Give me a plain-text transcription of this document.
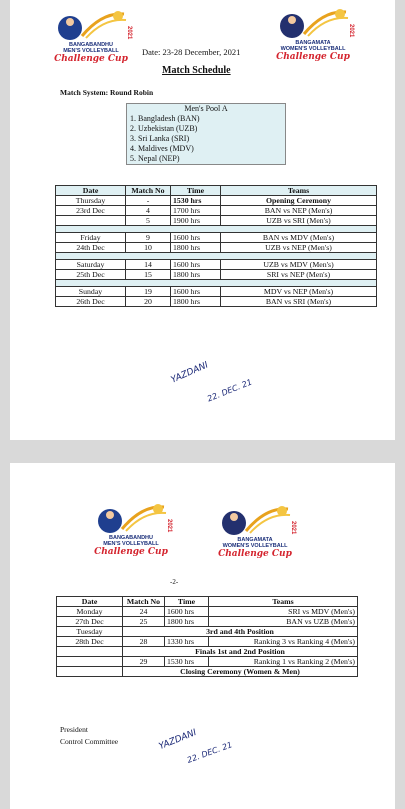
BANGABANDHU
MEN'S VOLLEYBALL
Challenge Cup
2021
Date: 23-28 December, 2021
BANGAMATA
WOMEN'S VOLLEYBALL
Challenge Cup
2021
Match Schedule
Match System: Round Robin
Men's Pool A
1. Bangladesh (BAN)
2. Uzbekistan (UZB)
3. Sri Lanka (SRI)
4. Maldives (MDV)
5. Nepal (NEP)
Date	Match No	Time	Teams
Thursday	-	1530 hrs	Opening Ceremony
23rd Dec	4	1700 hrs	BAN vs NEP (Men's)
	5	1900 hrs	UZB vs SRI (Men's)

Friday	9	1600 hrs	BAN vs MDV (Men's)
24th Dec	10	1800 hrs	UZB vs NEP (Men's)

Saturday	14	1600 hrs	UZB vs MDV (Men's)
25th Dec	15	1800 hrs	SRI vs NEP (Men's)

Sunday	19	1600 hrs	MDV vs NEP (Men's)
26th Dec	20	1800 hrs	BAN vs SRI (Men's)
YAZDANI
22. DEC. 21
BANGABANDHU
MEN'S VOLLEYBALL
Challenge Cup
2021
BANGAMATA
WOMEN'S VOLLEYBALL
Challenge Cup
2021
-2-
Date	Match No	Time	Teams
Monday	24	1600 hrs	SRI vs MDV (Men's)
27th Dec	25	1800 hrs	BAN vs UZB (Men's)
Tuesday	3rd and 4th Position		
28th Dec	28	1330 hrs	Ranking 3 vs Ranking 4 (Men's)
	Finals 1st and 2nd Position		
	29	1530 hrs	Ranking 1 vs Ranking 2 (Men's)
	Closing Ceremony (Women & Men)		
President
Control Committee	YAZDANI
22. DEC. 21
